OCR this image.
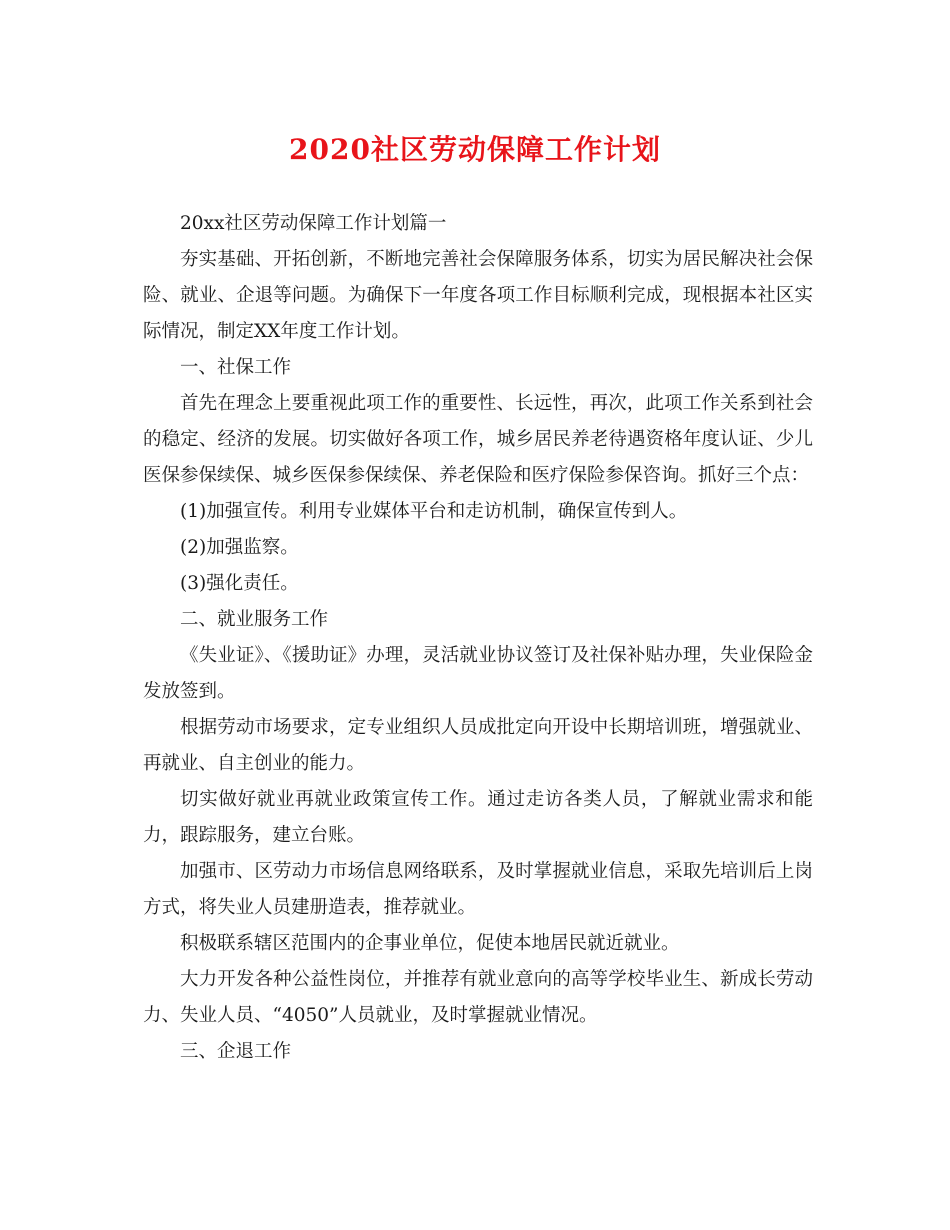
2020社区劳动保障工作计划

20xx社区劳动保障工作计划篇一

夯实基础、开拓创新，不断地完善社会保障服务体系，切实为居民解决社会保险、就业、企退等问题。为确保下一年度各项工作目标顺利完成，现根据本社区实际情况，制定XX年度工作计划。

一、社保工作

首先在理念上要重视此项工作的重要性、长远性，再次，此项工作关系到社会的稳定、经济的发展。切实做好各项工作，城乡居民养老待遇资格年度认证、少儿医保参保续保、城乡医保参保续保、养老保险和医疗保险参保咨询。抓好三个点：

(1)加强宣传。利用专业媒体平台和走访机制，确保宣传到人。

(2)加强监察。

(3)强化责任。

二、就业服务工作

《失业证》、《援助证》办理，灵活就业协议签订及社保补贴办理，失业保险金发放签到。

根据劳动市场要求，定专业组织人员成批定向开设中长期培训班，增强就业、再就业、自主创业的能力。

切实做好就业再就业政策宣传工作。通过走访各类人员，了解就业需求和能力，跟踪服务，建立台账。

加强市、区劳动力市场信息网络联系，及时掌握就业信息，采取先培训后上岗方式，将失业人员建册造表，推荐就业。

积极联系辖区范围内的企事业单位，促使本地居民就近就业。

大力开发各种公益性岗位，并推荐有就业意向的高等学校毕业生、新成长劳动力、失业人员、“4050”人员就业，及时掌握就业情况。

三、企退工作
